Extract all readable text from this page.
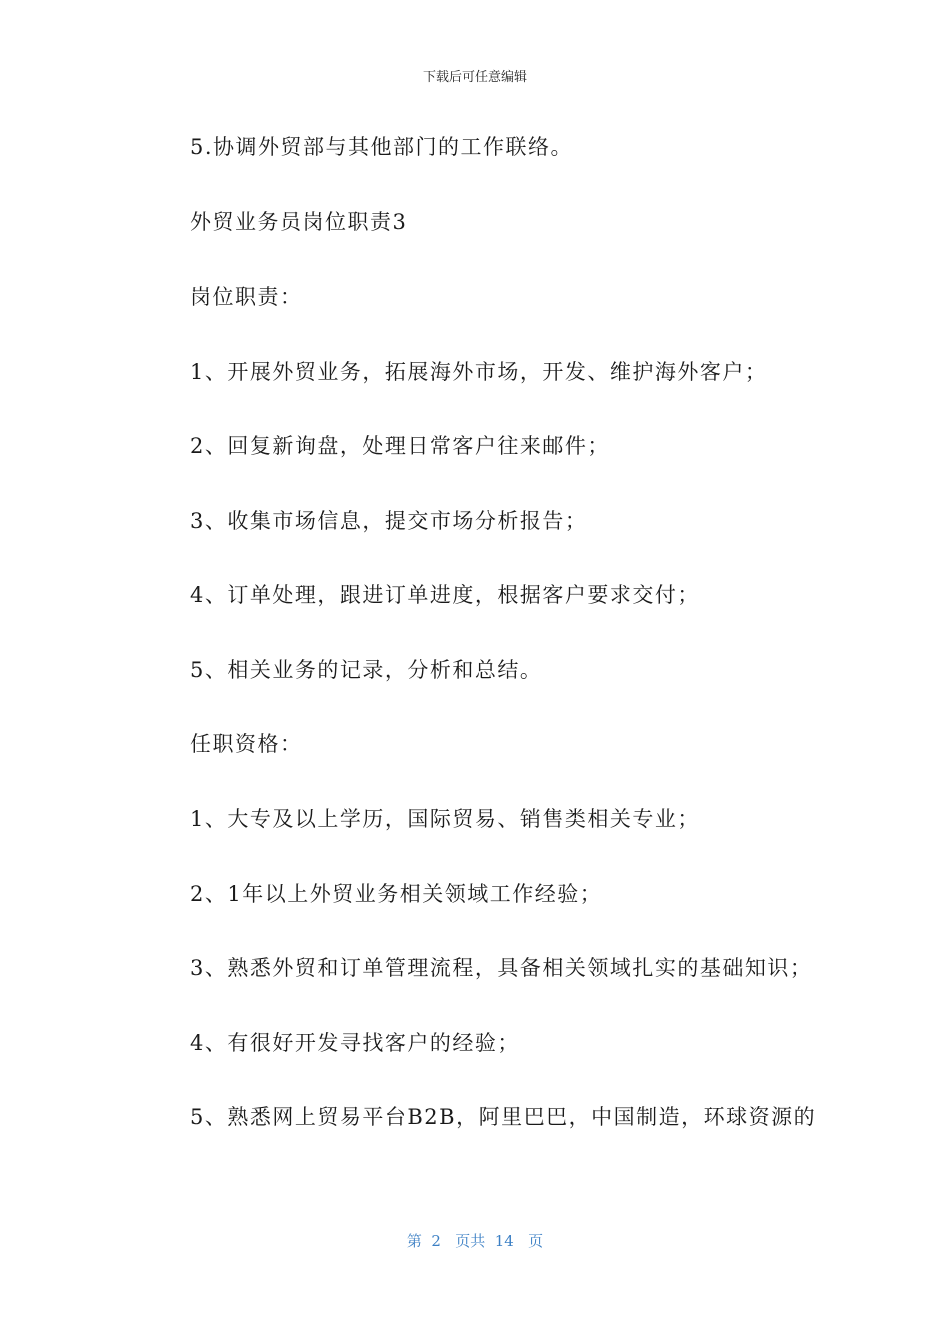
下载后可任意编辑
5.协调外贸部与其他部门的工作联络。
外贸业务员岗位职责3
岗位职责：
1、开展外贸业务，拓展海外市场，开发、维护海外客户；
2、回复新询盘，处理日常客户往来邮件；
3、收集市场信息，提交市场分析报告；
4、订单处理，跟进订单进度，根据客户要求交付；
5、相关业务的记录，分析和总结。
任职资格：
1、大专及以上学历，国际贸易、销售类相关专业；
2、1年以上外贸业务相关领域工作经验；
3、熟悉外贸和订单管理流程，具备相关领域扎实的基础知识；
4、有很好开发寻找客户的经验；
5、熟悉网上贸易平台B2B，阿里巴巴，中国制造，环球资源的
第  2   页共  14   页
